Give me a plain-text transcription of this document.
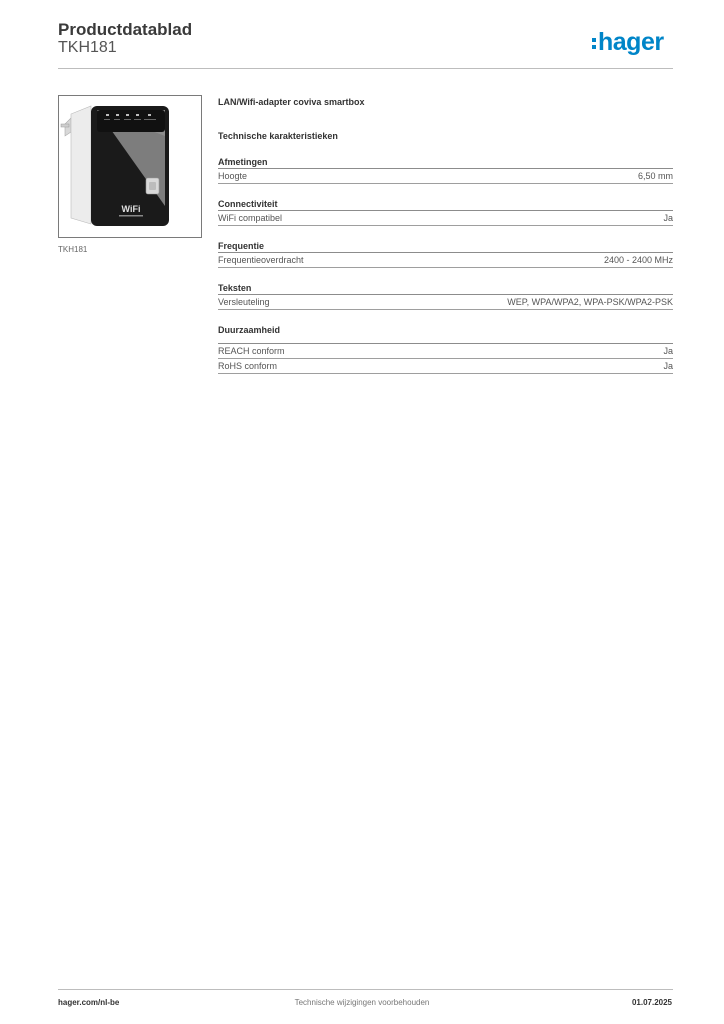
Productdatablad
TKH181	hager
WiFi
TKH181
LAN/Wifi-adapter coviva smartbox
Technische karakteristieken
Afmetingen
Hoogte	6,50 mm
Connectiviteit
WiFi compatibel	Ja
Frequentie
Frequentieoverdracht	2400 - 2400 MHz
Teksten
Versleuteling	WEP, WPA/WPA2, WPA-PSK/WPA2-PSK
Duurzaamheid
REACH conform	Ja
RoHS conform	Ja
hager.com/nl-be	Technische wijzigingen voorbehouden	01.07.2025
